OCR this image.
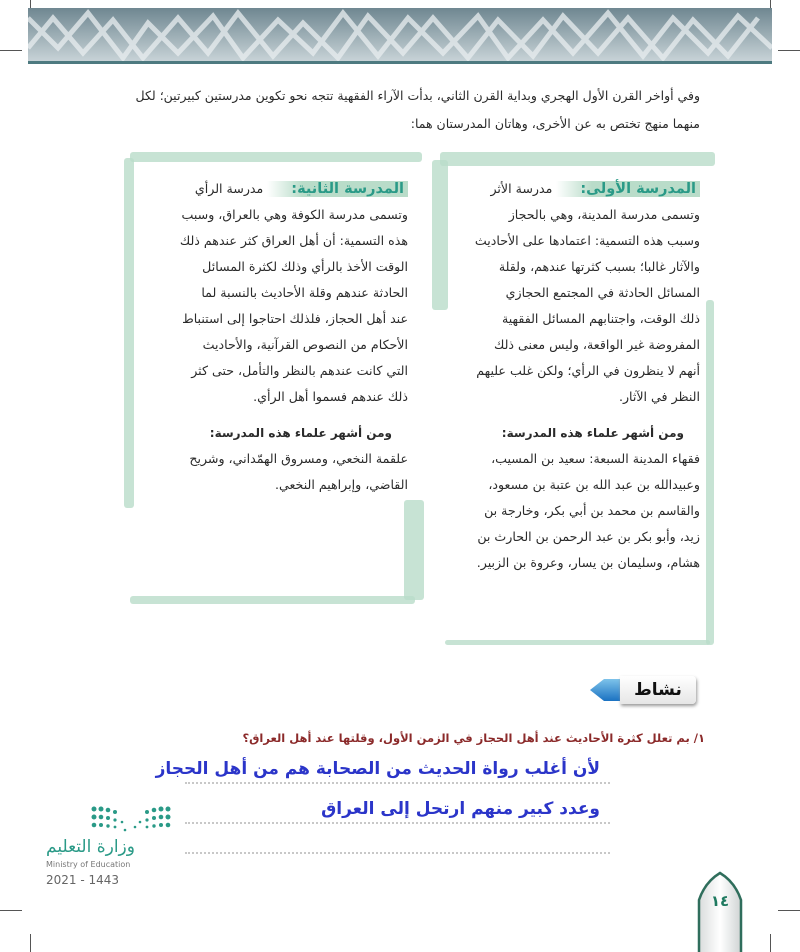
وفي أواخر القرن الأول الهجري وبداية القرن الثاني، بدأت الآراء الفقهية تتجه نحو تكوين مدرستين كبيرتين؛ لكل
منهما منهج تختص به عن الأخرى، وهاتان المدرستان هما:
المدرسة الأولى: مدرسة الأثر
وتسمى مدرسة المدينة، وهي بالحجاز
وسبب هذه التسمية: اعتمادها على الأحاديث
والآثار غالبا؛ بسبب كثرتها عندهم، ولقلة
المسائل الحادثة في المجتمع الحجازي
ذلك الوقت، واجتنابهم المسائل الفقهية
المفروضة غير الواقعة، وليس معنى ذلك
أنهم لا ينظرون في الرأي؛ ولكن غلب عليهم
النظر في الآثار.
ومن أشهر علماء هذه المدرسة:
فقهاء المدينة السبعة: سعيد بن المسيب،
وعبيدالله بن عبد الله بن عتبة بن مسعود،
والقاسم بن محمد بن أبي بكر، وخارجة بن
زيد، وأبو بكر بن عبد الرحمن بن الحارث بن
هشام، وسليمان بن يسار، وعروة بن الزبير.
المدرسة الثانية: مدرسة الرأي
وتسمى مدرسة الكوفة وهي بالعراق، وسبب
هذه التسمية: أن أهل العراق كثر عندهم ذلك
الوقت الأخذ بالرأي وذلك لكثرة المسائل
الحادثة عندهم وقلة الأحاديث بالنسبة لما
عند أهل الحجاز، فلذلك احتاجوا إلى استنباط
الأحكام من النصوص القرآنية، والأحاديث
التي كانت عندهم بالنظر والتأمل، حتى كثر
ذلك عندهم فسموا أهل الرأي.
ومن أشهر علماء هذه المدرسة:
علقمة النخعي، ومسروق الهمّداني، وشريح
القاضي، وإبراهيم النخعي.
نشاط
١/ بم تعلل كثرة الأحاديث عند أهل الحجاز في الزمن الأول، وقلتها عند أهل العراق؟
لأن أغلب رواة الحديث من الصحابة هم من أهل الحجاز
وعدد كبير منهم ارتحل إلى العراق
وزارة التعليم
Ministry of Education
2021 - 1443
١٤
